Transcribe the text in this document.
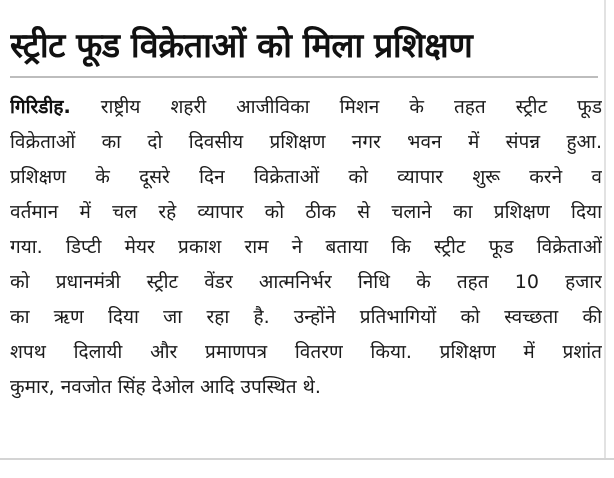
स्ट्रीट फूड विक्रेताओं को मिला प्रशिक्षण
गिरिडीह. राष्ट्रीय शहरी आजीविका मिशन के तहत स्ट्रीट फूड
विक्रेताओं का दो दिवसीय प्रशिक्षण नगर भवन में संपन्न हुआ.
प्रशिक्षण के दूसरे दिन विक्रेताओं को व्यापार शुरू करने व
वर्तमान में चल रहे व्यापार को ठीक से चलाने का प्रशिक्षण दिया
गया. डिप्टी मेयर प्रकाश राम ने बताया कि स्ट्रीट फूड विक्रेताओं
को प्रधानमंत्री स्ट्रीट वेंडर आत्मनिर्भर निधि के तहत 10 हजार
का ऋण दिया जा रहा है. उन्होंने प्रतिभागियों को स्वच्छता की
शपथ दिलायी और प्रमाणपत्र वितरण किया. प्रशिक्षण में प्रशांत
कुमार, नवजोत सिंह देओल आदि उपस्थित थे.
